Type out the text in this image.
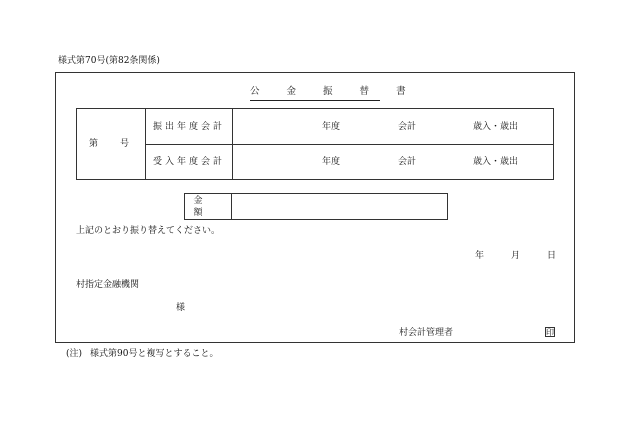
様式第70号(第82条関係)
公 金 振 替 書
第 号
振出年度会計	年度	会計	歳入・歳出
受入年度会計	年度	会計	歳入・歳出
金
額
上記のとおり振り替えてください。
年	月	日
村指定金融機関
様
村会計管理者	印
(注) 様式第90号と複写とすること。
